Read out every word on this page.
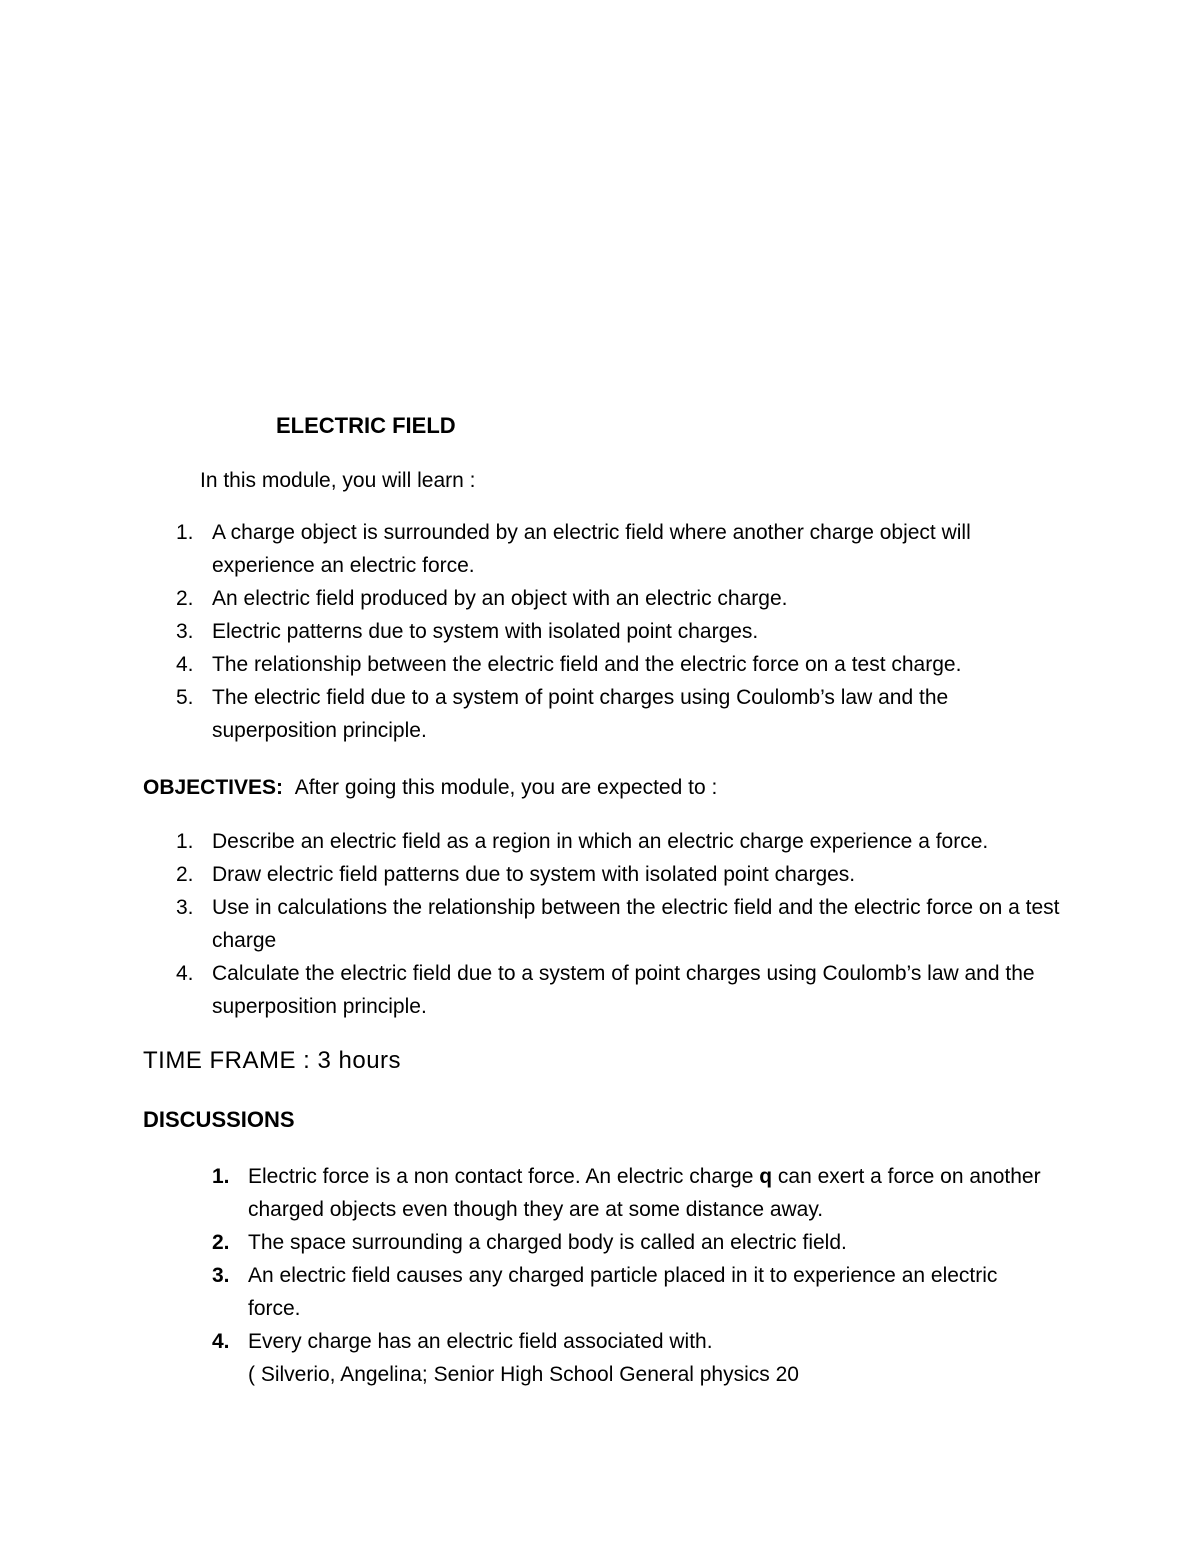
ELECTRIC FIELD
In this module, you will learn :
1. A charge object is surrounded by an electric field where another charge object will experience an electric force.
2. An electric field produced by an object with an electric charge.
3. Electric patterns due to system with isolated point charges.
4. The relationship between the electric field and the electric force on a test charge.
5. The electric field due to a system of point charges using Coulomb’s law and the superposition principle.
OBJECTIVES: After going this module, you are expected to :
1. Describe an electric field as a region in which an electric charge experience a force.
2. Draw electric field patterns due to system with isolated point charges.
3. Use in calculations the relationship between the electric field and the electric force on a test charge
4. Calculate the electric field due to a system of point charges using Coulomb’s law and the superposition principle.
TIME FRAME : 3 hours
DISCUSSIONS
1. Electric force is a non contact force. An electric charge q can exert a force on another charged objects even though they are at some distance away.
2. The space surrounding a charged body is called an electric field.
3. An electric field causes any charged particle placed in it to experience an electric force.
4. Every charge has an electric field associated with.
( Silverio, Angelina; Senior High School General physics 20
